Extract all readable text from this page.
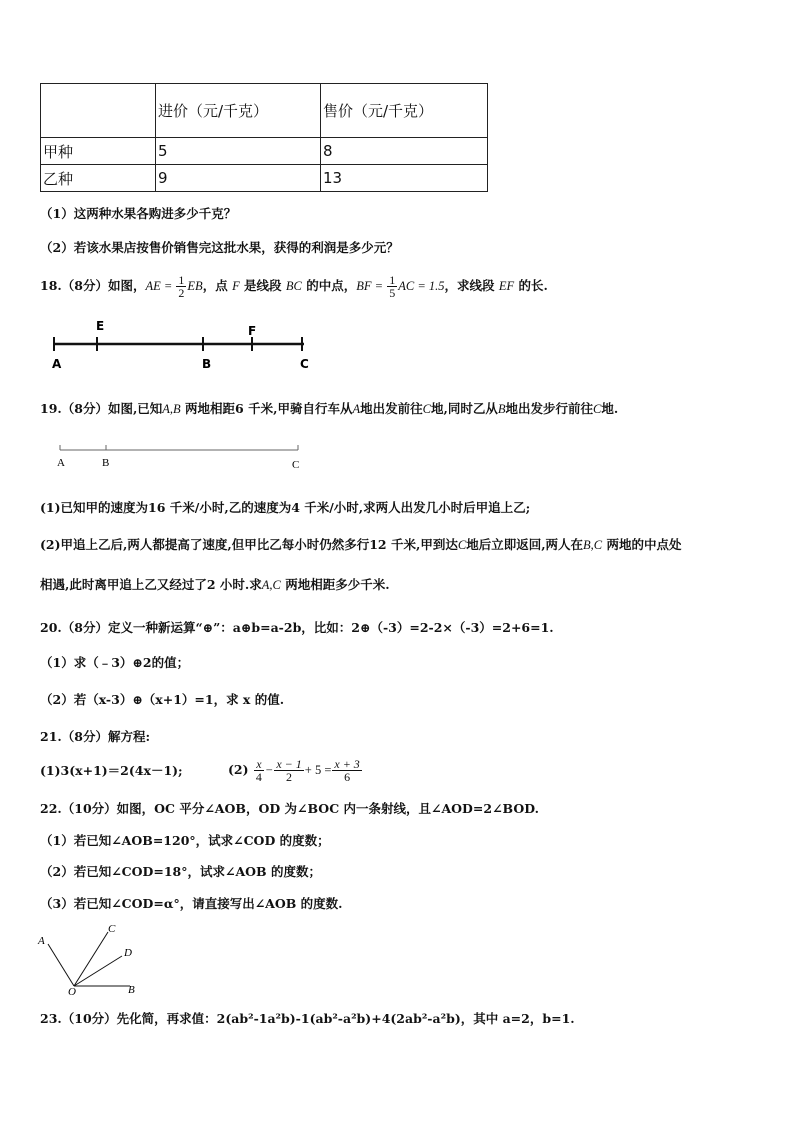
	进价（元/千克）	售价（元/千克）
甲种	5	8
乙种	9	13
（1）这两种水果各购进多少千克？
（2）若该水果店按售价销售完这批水果，获得的利润是多少元？
18.（8分）如图，AE = $\frac{1}{2}$ EB，点 F 是线段 BC 的中点，BF = $\frac{1}{5}$ AC = 1.5，求线段 EF 的长.
E	F
A	B	C
19.（8分）如图,已知A,B 两地相距6 千米,甲骑自行车从A地出发前往C地,同时乙从B地出发步行前往C地.
A	B	C
(1)已知甲的速度为16 千米/小时,乙的速度为4 千米/小时,求两人出发几小时后甲追上乙;
(2)甲追上乙后,两人都提高了速度,但甲比乙每小时仍然多行12 千米,甲到达C地后立即返回,两人在B,C 两地的中点处
相遇,此时离甲追上乙又经过了2 小时.求A,C 两地相距多少千米.
20.（8分）定义一种新运算“⊕”：a⊕b=a-2b，比如：2⊕（-3）=2-2×（-3）=2+6=1.
（1）求（﹣3）⊕2的值；
（2）若（x-3）⊕（x+1）=1，求 x 的值.
21.（8分）解方程:
(1)3(x+1)＝2(4x－1);	$(2) \frac{x}{4} - \frac{x - 1}{2} + 5 = \frac{x + 3}{6}$
22.（10分）如图，OC 平分∠AOB，OD 为∠BOC 内一条射线，且∠AOD=2∠BOD.
（1）若已知∠AOB=120°，试求∠COD 的度数；
（2）若已知∠COD=18°，试求∠AOB 的度数；
（3）若已知∠COD=α°，请直接写出∠AOB 的度数.
A
C
D
O	B
23.（10分）先化简，再求值：2(ab²-1a²b)-1(ab²-a²b)+4(2ab²-a²b)，其中 a=2，b=1.
